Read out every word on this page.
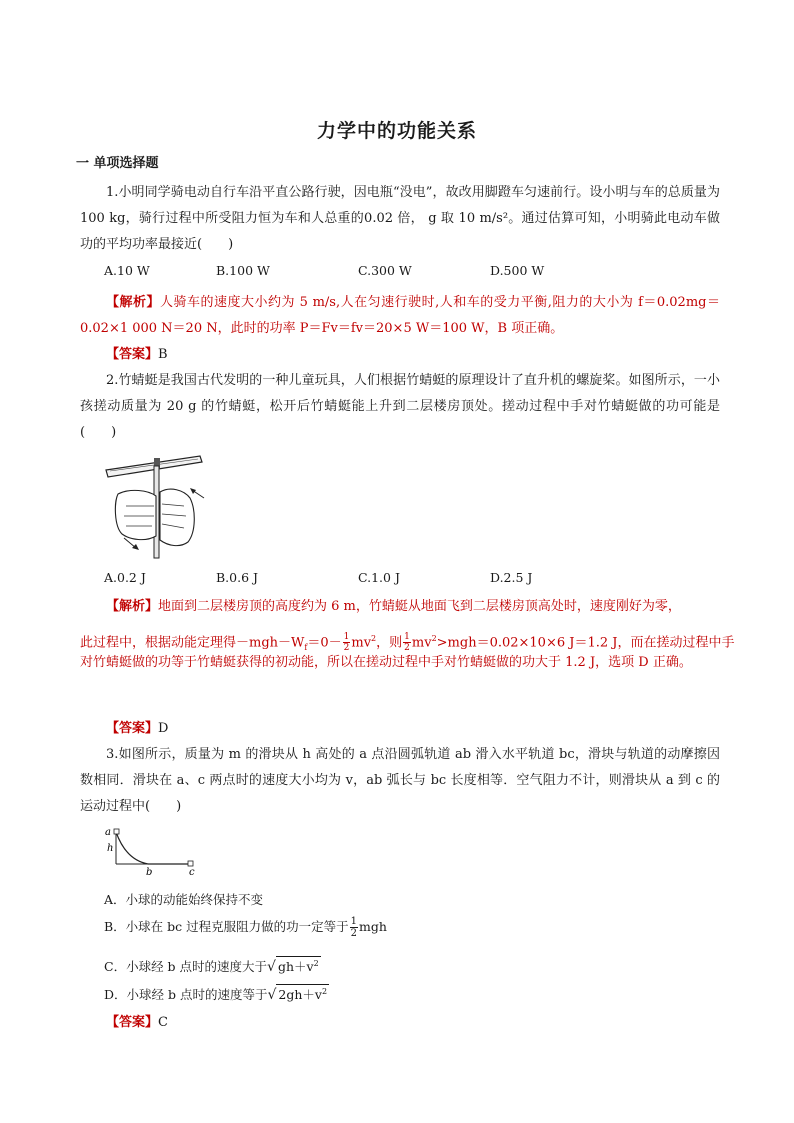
力学中的功能关系
一 单项选择题

1.小明同学骑电动自行车沿平直公路行驶，因电瓶“没电”，故改用脚蹬车匀速前行。设小明与车的总质量为 100 kg，骑行过程中所受阻力恒为车和人总重的0.02 倍， g 取 10 m/s²。通过估算可知，小明骑此电动车做功的平均功率最接近(　　)

A.10 W	B.100 W	C.300 W	D.500 W

【解析】人骑车的速度大小约为 5 m/s,人在匀速行驶时,人和车的受力平衡,阻力的大小为 f＝0.02mg＝0.02×1 000 N＝20 N，此时的功率 P＝Fv＝fv＝20×5 W＝100 W，B 项正确。

【答案】B

2.竹蜻蜓是我国古代发明的一种儿童玩具，人们根据竹蜻蜓的原理设计了直升机的螺旋桨。如图所示，一小孩搓动质量为 20 g 的竹蜻蜓，松开后竹蜻蜓能上升到二层楼房顶处。搓动过程中手对竹蜻蜓做的功可能是(　　)

A.0.2 J	B.0.6 J	C.1.0 J	D.2.5 J
【解析】地面到二层楼房顶的高度约为 6 m，竹蜻蜓从地面飞到二层楼房顶高处时，速度刚好为零，
此过程中，根据动能定理得$-mgh-W_f=0- \frac{1}{2} mv^2$，则 $\frac{1}{2} mv^2>mgh=0.02\times 10\times 6$ J＝1.2 J，而在搓动过程中手

对竹蜻蜓做的功等于竹蜻蜓获得的初动能，所以在搓动过程中手对竹蜻蜓做的功大于 1.2 J，选项 D 正确。

【答案】D

3.如图所示，质量为 m 的滑块从 h 高处的 a 点沿圆弧轨道 ab 滑入水平轨道 bc，滑块与轨道的动摩擦因数相同．滑块在 a、c 两点时的速度大小均为 v，ab 弧长与 bc 长度相等．空气阻力不计，则滑块从 a 到 c 的运动过程中(　　)

a
h
b	c
A．小球的动能始终保持不变
B．小球在 bc 过程克服阻力做的功一定等于 $\frac{1}{2}$ mgh
C．小球经 b 点时的速度大于√ $gh+v^2$
D．小球经 b 点时的速度等于√ $2gh+v^2$

【答案】C
